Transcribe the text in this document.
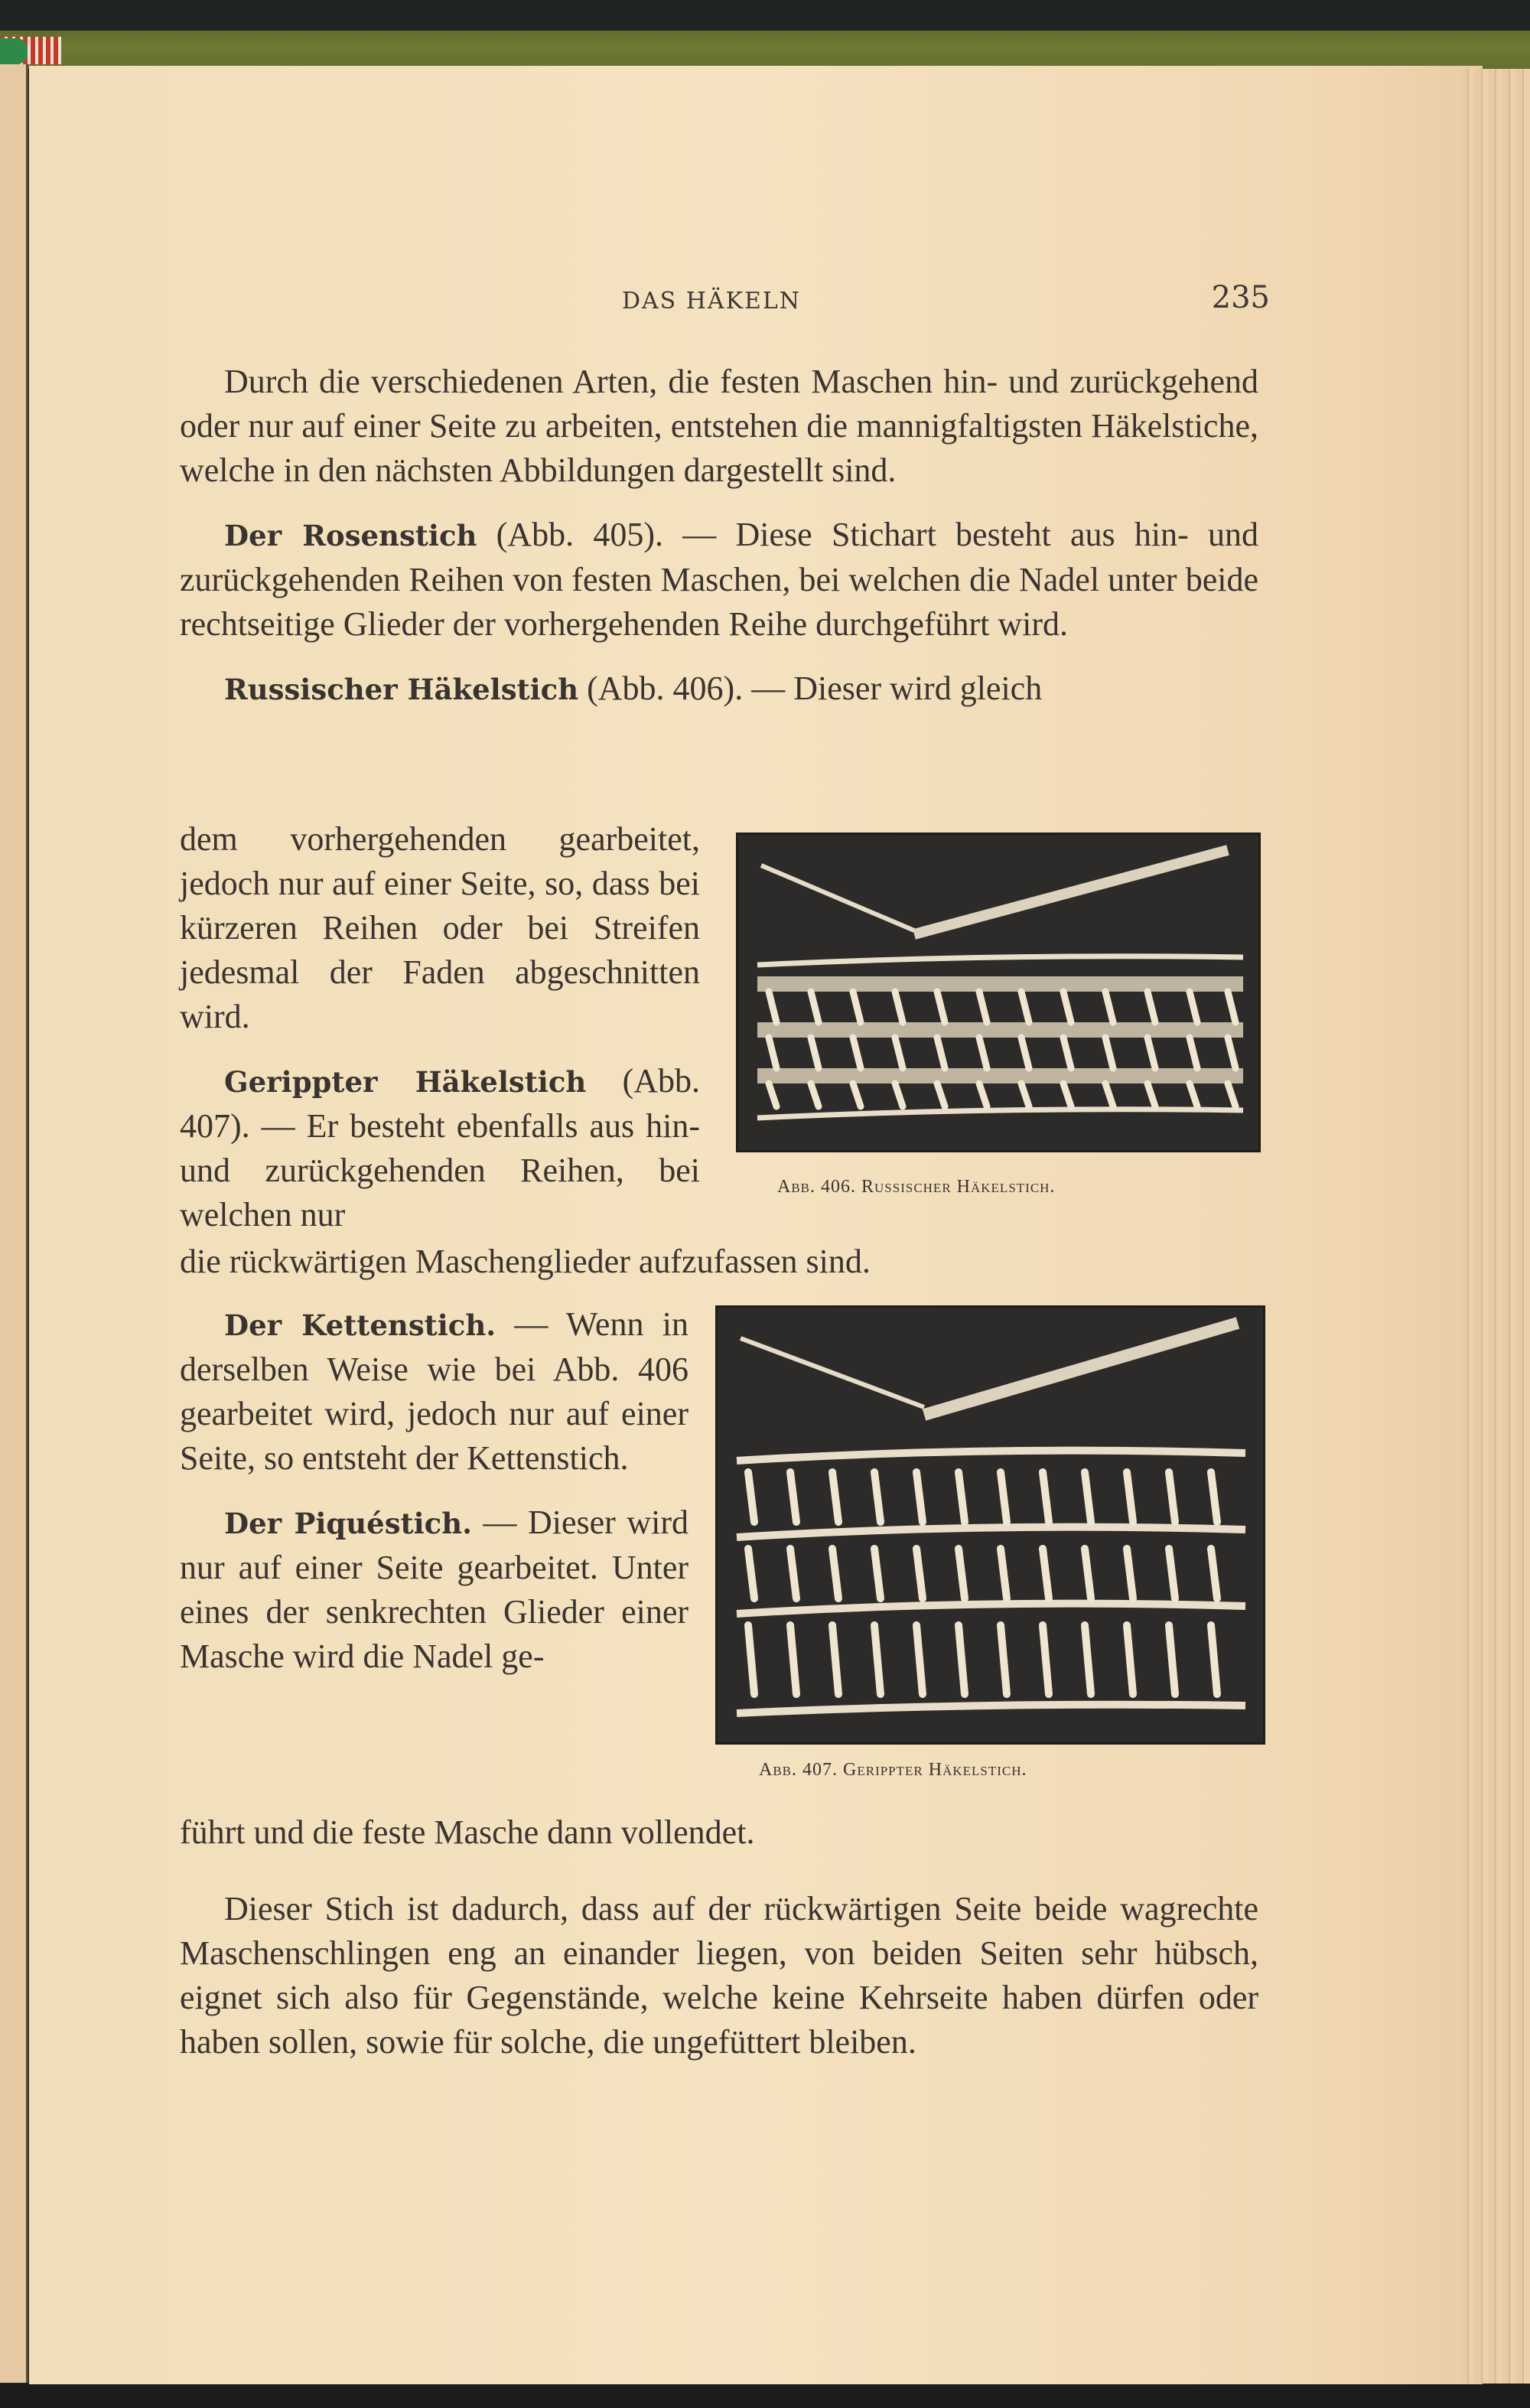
DAS HÄKELN	235

Durch die verschiedenen Arten, die festen Maschen hin- und zurückgehend oder nur auf einer Seite zu arbeiten, entstehen die mannigfaltigsten Häkelstiche, welche in den nächsten Abbildungen dargestellt sind.

Der Rosenstich (Abb. 405). — Diese Stichart besteht aus hin- und zurückgehenden Reihen von festen Maschen, bei welchen die Nadel unter beide rechtseitige Glieder der vorhergehenden Reihe durchgeführt wird.

Russischer Häkelstich (Abb. 406). — Dieser wird gleich

dem vorhergehenden gearbeitet, jedoch nur auf einer Seite, so, dass bei kürzeren Reihen oder bei Streifen jedesmal der Faden abgeschnitten wird.

Gerippter Häkelstich (Abb. 407). — Er besteht ebenfalls aus hin- und zurückgehenden Reihen, bei welchen nur

die rückwärtigen Maschenglieder aufzufassen sind.

Abb. 406. Russischer Häkelstich.

Der Kettenstich. — Wenn in derselben Weise wie bei Abb. 406 gearbeitet wird, jedoch nur auf einer Seite, so entsteht der Kettenstich.

Der Piquéstich. — Dieser wird nur auf einer Seite gearbeitet. Unter eines der senkrechten Glieder einer Masche wird die Nadel ge-

führt und die feste Masche dann vollendet.

Abb. 407. Gerippter Häkelstich.

Dieser Stich ist dadurch, dass auf der rückwärtigen Seite beide wagrechte Maschenschlingen eng an einander liegen, von beiden Seiten sehr hübsch, eignet sich also für Gegenstände, welche keine Kehrseite haben dürfen oder haben sollen, sowie für solche, die ungefüttert bleiben.
